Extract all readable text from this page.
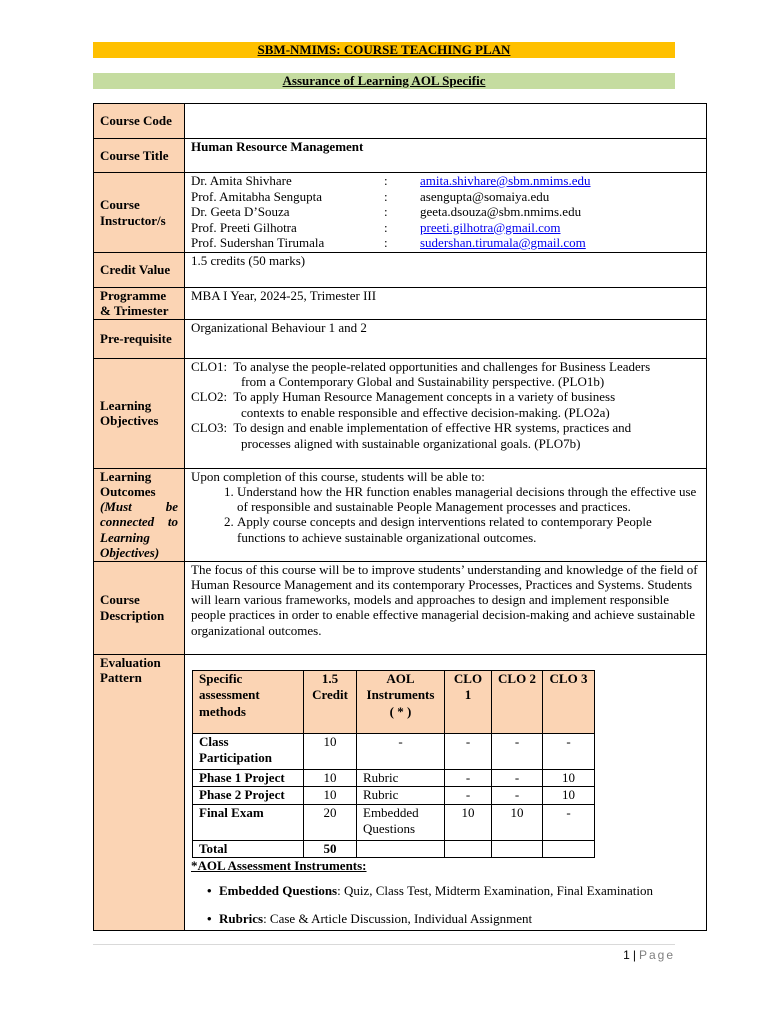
SBM-NMIMS: COURSE TEACHING PLAN
Assurance of Learning AOL Specific
Course Code	
Course Title	Human Resource Management
Course Instructor/s	
Dr. Amita Shivhare	:	amita.shivhare@sbm.nmims.edu
Prof. Amitabha Sengupta	:	asengupta@somaiya.edu
Dr. Geeta D’Souza	:	geeta.dsouza@sbm.nmims.edu
Prof. Preeti Gilhotra	:	preeti.gilhotra@gmail.com
Prof. Sudershan Tirumala	:	sudershan.tirumala@gmail.com

Credit Value	1.5 credits (50 marks)
Programme & Trimester	MBA I Year, 2024-25, Trimester III
Pre-requisite	Organizational Behaviour 1 and 2
Learning Objectives	
CLO1: To analyse the people-related opportunities and challenges for Business Leaders
from a Contemporary Global and Sustainability perspective. (PLO1b)
CLO2: To apply Human Resource Management concepts in a variety of business
contexts to enable responsible and effective decision-making. (PLO2a)
CLO3: To design and enable implementation of effective HR systems, practices and
processes aligned with sustainable organizational goals. (PLO7b)

Learning Outcomes
(Must be connected to Learning Objectives)

Upon completion of this course, students will be able to:
1. Understand how the HR function enables managerial decisions through the effective use of responsible and sustainable People Management processes and practices.
2. Apply course concepts and design interventions related to contemporary People functions to achieve sustainable organizational outcomes.

Course Description	The focus of this course will be to improve students’ understanding and knowledge of the field of Human Resource Management and its contemporary Processes, Practices and Systems. Students will learn various frameworks, models and approaches to design and implement responsible people practices in order to enable effective managerial decision-making and achieve sustainable organizational outcomes.
Evaluation Pattern		Specific assessment methods	1.5 Credit	AOL Instruments ( * )	CLO 1	CLO 2	CLO 3
Class Participation	10	-	-	-	-
Phase 1 Project	10	Rubric	-	-	10
Phase 2 Project	10	Rubric	-	-	10
Final Exam	20	Embedded Questions	10	10	-
Total	50				
*AOL Assessment Instruments:
• Embedded Questions: Quiz, Class Test, Midterm Examination, Final Examination
• Rubrics: Case & Article Discussion, Individual Assignment
1 | Page
